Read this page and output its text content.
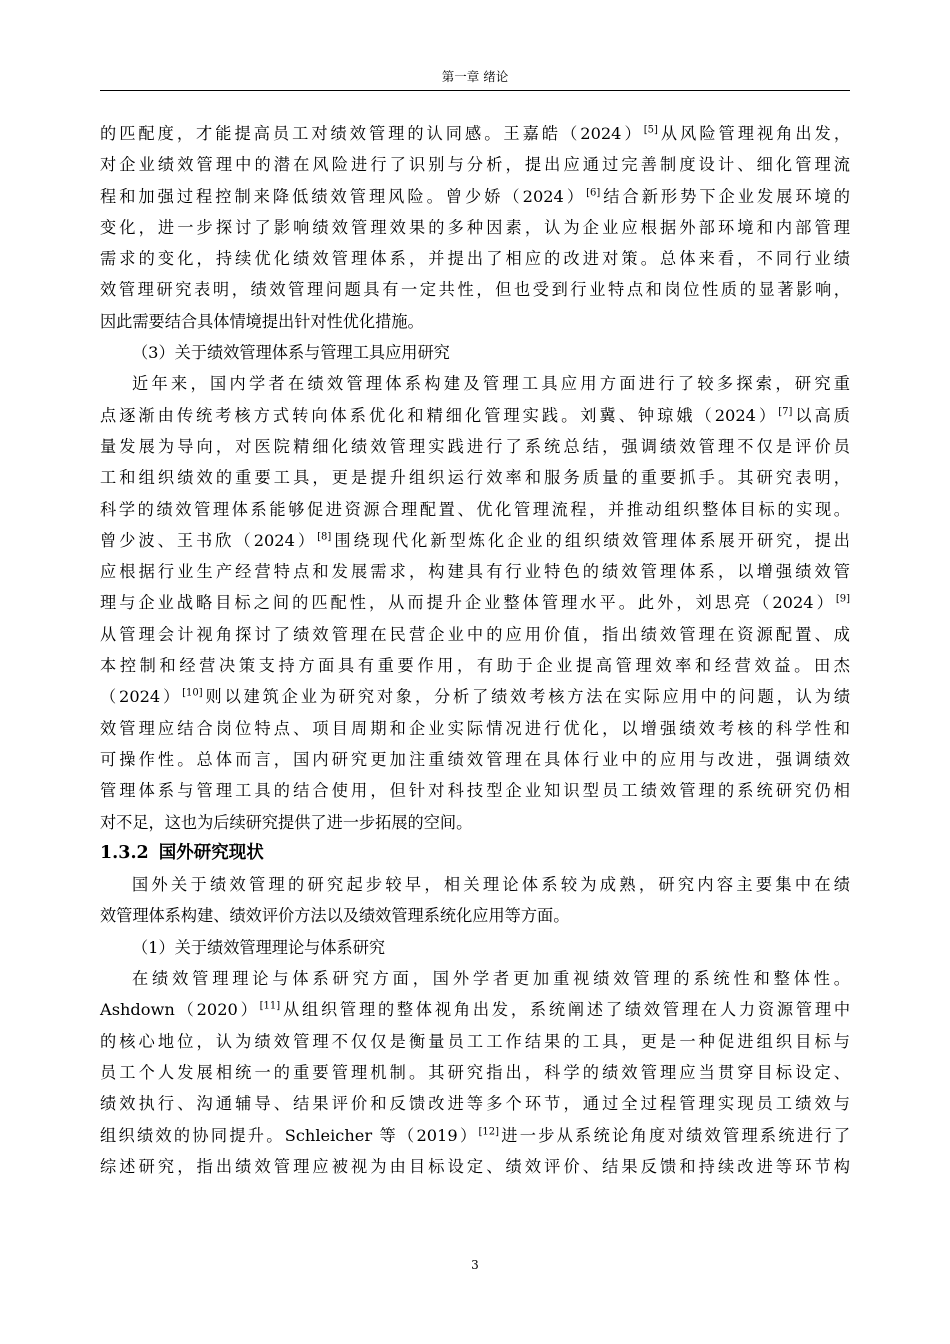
第一章 绪论
的匹配度，才能提高员工对绩效管理的认同感。王嘉皓（2024）[5]从风险管理视角出发，
对企业绩效管理中的潜在风险进行了识别与分析，提出应通过完善制度设计、细化管理流
程和加强过程控制来降低绩效管理风险。曾少娇（2024）[6]结合新形势下企业发展环境的
变化，进一步探讨了影响绩效管理效果的多种因素，认为企业应根据外部环境和内部管理
需求的变化，持续优化绩效管理体系，并提出了相应的改进对策。总体来看，不同行业绩
效管理研究表明，绩效管理问题具有一定共性，但也受到行业特点和岗位性质的显著影响，
因此需要结合具体情境提出针对性优化措施。
（3）关于绩效管理体系与管理工具应用研究
近年来，国内学者在绩效管理体系构建及管理工具应用方面进行了较多探索，研究重
点逐渐由传统考核方式转向体系优化和精细化管理实践。刘冀、钟琼娥（2024）[7]以高质
量发展为导向，对医院精细化绩效管理实践进行了系统总结，强调绩效管理不仅是评价员
工和组织绩效的重要工具，更是提升组织运行效率和服务质量的重要抓手。其研究表明，
科学的绩效管理体系能够促进资源合理配置、优化管理流程，并推动组织整体目标的实现。
曾少波、王书欣（2024）[8]围绕现代化新型炼化企业的组织绩效管理体系展开研究，提出
应根据行业生产经营特点和发展需求，构建具有行业特色的绩效管理体系，以增强绩效管
理与企业战略目标之间的匹配性，从而提升企业整体管理水平。此外，刘思亮（2024）[9]
从管理会计视角探讨了绩效管理在民营企业中的应用价值，指出绩效管理在资源配置、成
本控制和经营决策支持方面具有重要作用，有助于企业提高管理效率和经营效益。田杰
（2024）[10]则以建筑企业为研究对象，分析了绩效考核方法在实际应用中的问题，认为绩
效管理应结合岗位特点、项目周期和企业实际情况进行优化，以增强绩效考核的科学性和
可操作性。总体而言，国内研究更加注重绩效管理在具体行业中的应用与改进，强调绩效
管理体系与管理工具的结合使用，但针对科技型企业知识型员工绩效管理的系统研究仍相
对不足，这也为后续研究提供了进一步拓展的空间。
1.3.2 国外研究现状
国外关于绩效管理的研究起步较早，相关理论体系较为成熟，研究内容主要集中在绩
效管理体系构建、绩效评价方法以及绩效管理系统化应用等方面。
（1）关于绩效管理理论与体系研究
在绩效管理理论与体系研究方面，国外学者更加重视绩效管理的系统性和整体性。
Ashdown（2020）[11]从组织管理的整体视角出发，系统阐述了绩效管理在人力资源管理中
的核心地位，认为绩效管理不仅仅是衡量员工工作结果的工具，更是一种促进组织目标与
员工个人发展相统一的重要管理机制。其研究指出，科学的绩效管理应当贯穿目标设定、
绩效执行、沟通辅导、结果评价和反馈改进等多个环节，通过全过程管理实现员工绩效与
组织绩效的协同提升。Schleicher 等（2019）[12]进一步从系统论角度对绩效管理系统进行了
综述研究，指出绩效管理应被视为由目标设定、绩效评价、结果反馈和持续改进等环节构
3
